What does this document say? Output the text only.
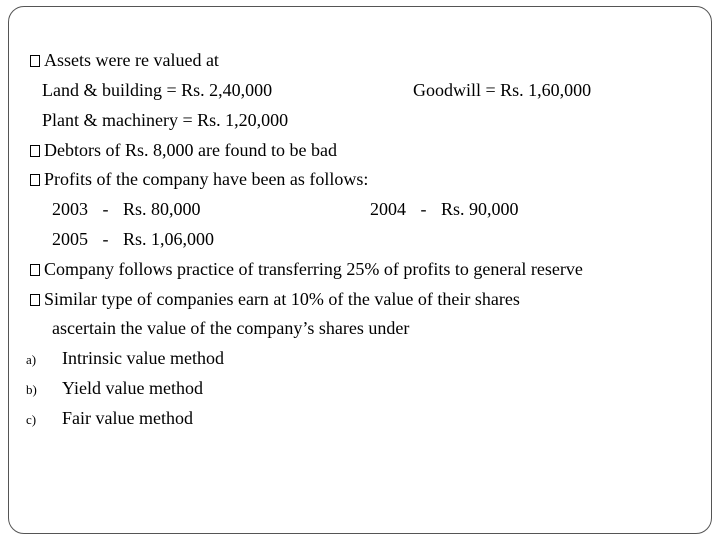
Assets were re valued at
Land & building = Rs. 2,40,000	Goodwill = Rs. 1,60,000
Plant & machinery = Rs. 1,20,000
Debtors of Rs. 8,000 are found to be bad
Profits of the company have been as follows:
2003 - Rs. 80,000	2004 - Rs. 90,000
2005 - Rs. 1,06,000
Company follows practice of transferring 25% of profits to general reserve
Similar type of companies earn at 10% of the value of their shares
ascertain the value of the company’s shares under
a) Intrinsic value method
b) Yield value method
c) Fair value method
